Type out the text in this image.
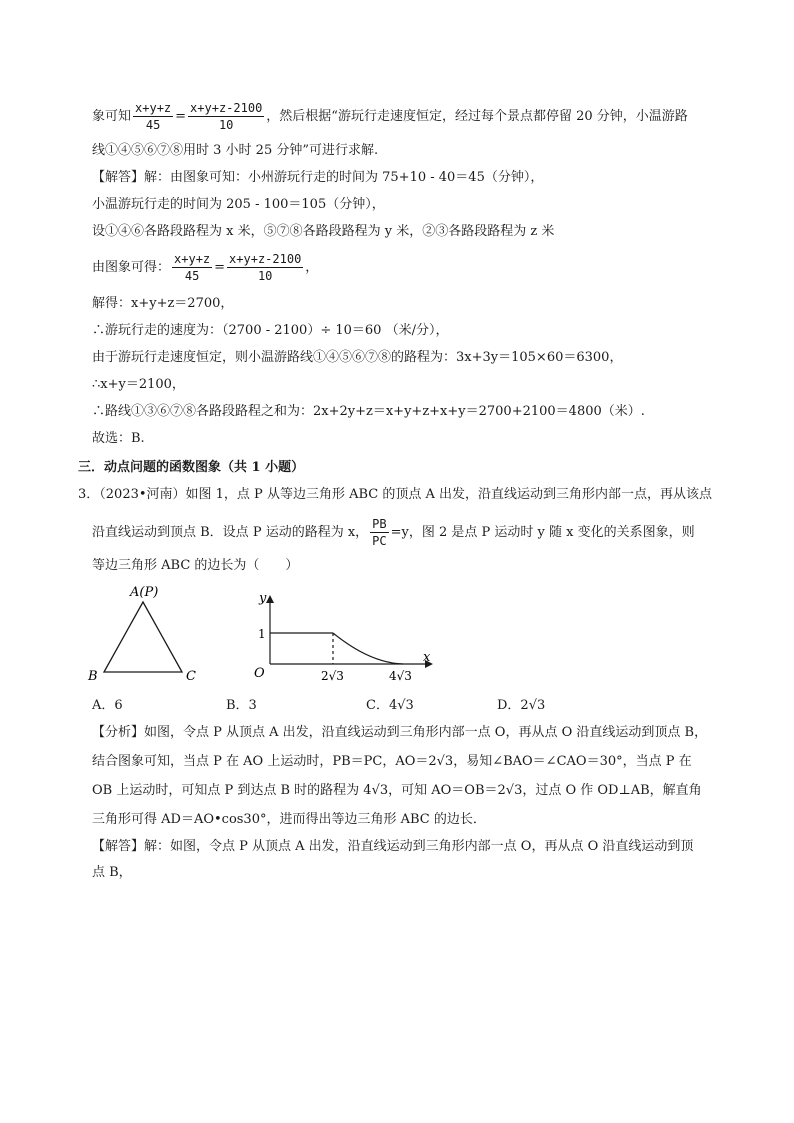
象可知 $\frac{x+y+z}{45} = \frac{x+y+z-2100}{10}$ ，然后根据“游玩行走速度恒定，经过每个景点都停留 20 分钟，小温游路
线①④⑤⑥⑦⑧用时 3 小时 25 分钟”可进行求解.
【解答】解：由图象可知：小州游玩行走的时间为 75+10 - 40＝45（分钟），
小温游玩行走的时间为 205 - 100＝105（分钟），
设①④⑥各路段路程为 x 米，⑤⑦⑧各路段路程为 y 米，②③各路段路程为 z 米
由图象可得： $\frac{x+y+z}{45} = \frac{x+y+z-2100}{10}$ ，
解得：x+y+z＝2700，
∴游玩行走的速度为：（2700 - 2100）÷ 10＝60 （米/分），
由于游玩行走速度恒定，则小温游路线①④⑤⑥⑦⑧的路程为：3x+3y＝105×60＝6300，
∴x+y＝2100，
∴路线①③⑥⑦⑧各路段路程之和为：2x+2y+z＝x+y+z+x+y＝2700+2100＝4800（米）.
故选：B.
三．动点问题的函数图象（共 1 小题）
3．（2023•河南）如图 1，点 P 从等边三角形 ABC 的顶点 A 出发，沿直线运动到三角形内部一点，再从该点
沿直线运动到顶点 B．设点 P 运动的路程为 x， $\frac{PB}{PC} =y$，图 2 是点 P 运动时 y 随 x 变化的关系图象，则
等边三角形 ABC 的边长为（　　）
A(P)
B	C
y
x
O
1
2√3	4√3
A．6	B．3	C．4√3	D．2√3
【分析】如图，令点 P 从顶点 A 出发，沿直线运动到三角形内部一点 O，再从点 O 沿直线运动到顶点 B，
结合图象可知，当点 P 在 AO 上运动时，PB＝PC，AO＝2√3，易知∠BAO＝∠CAO＝30°，当点 P 在
OB 上运动时，可知点 P 到达点 B 时的路程为 4√3，可知 AO＝OB＝2√3，过点 O 作 OD⊥AB，解直角
三角形可得 AD＝AO•cos30°，进而得出等边三角形 ABC 的边长．
【解答】解：如图，令点 P 从顶点 A 出发，沿直线运动到三角形内部一点 O，再从点 O 沿直线运动到顶
点 B，
